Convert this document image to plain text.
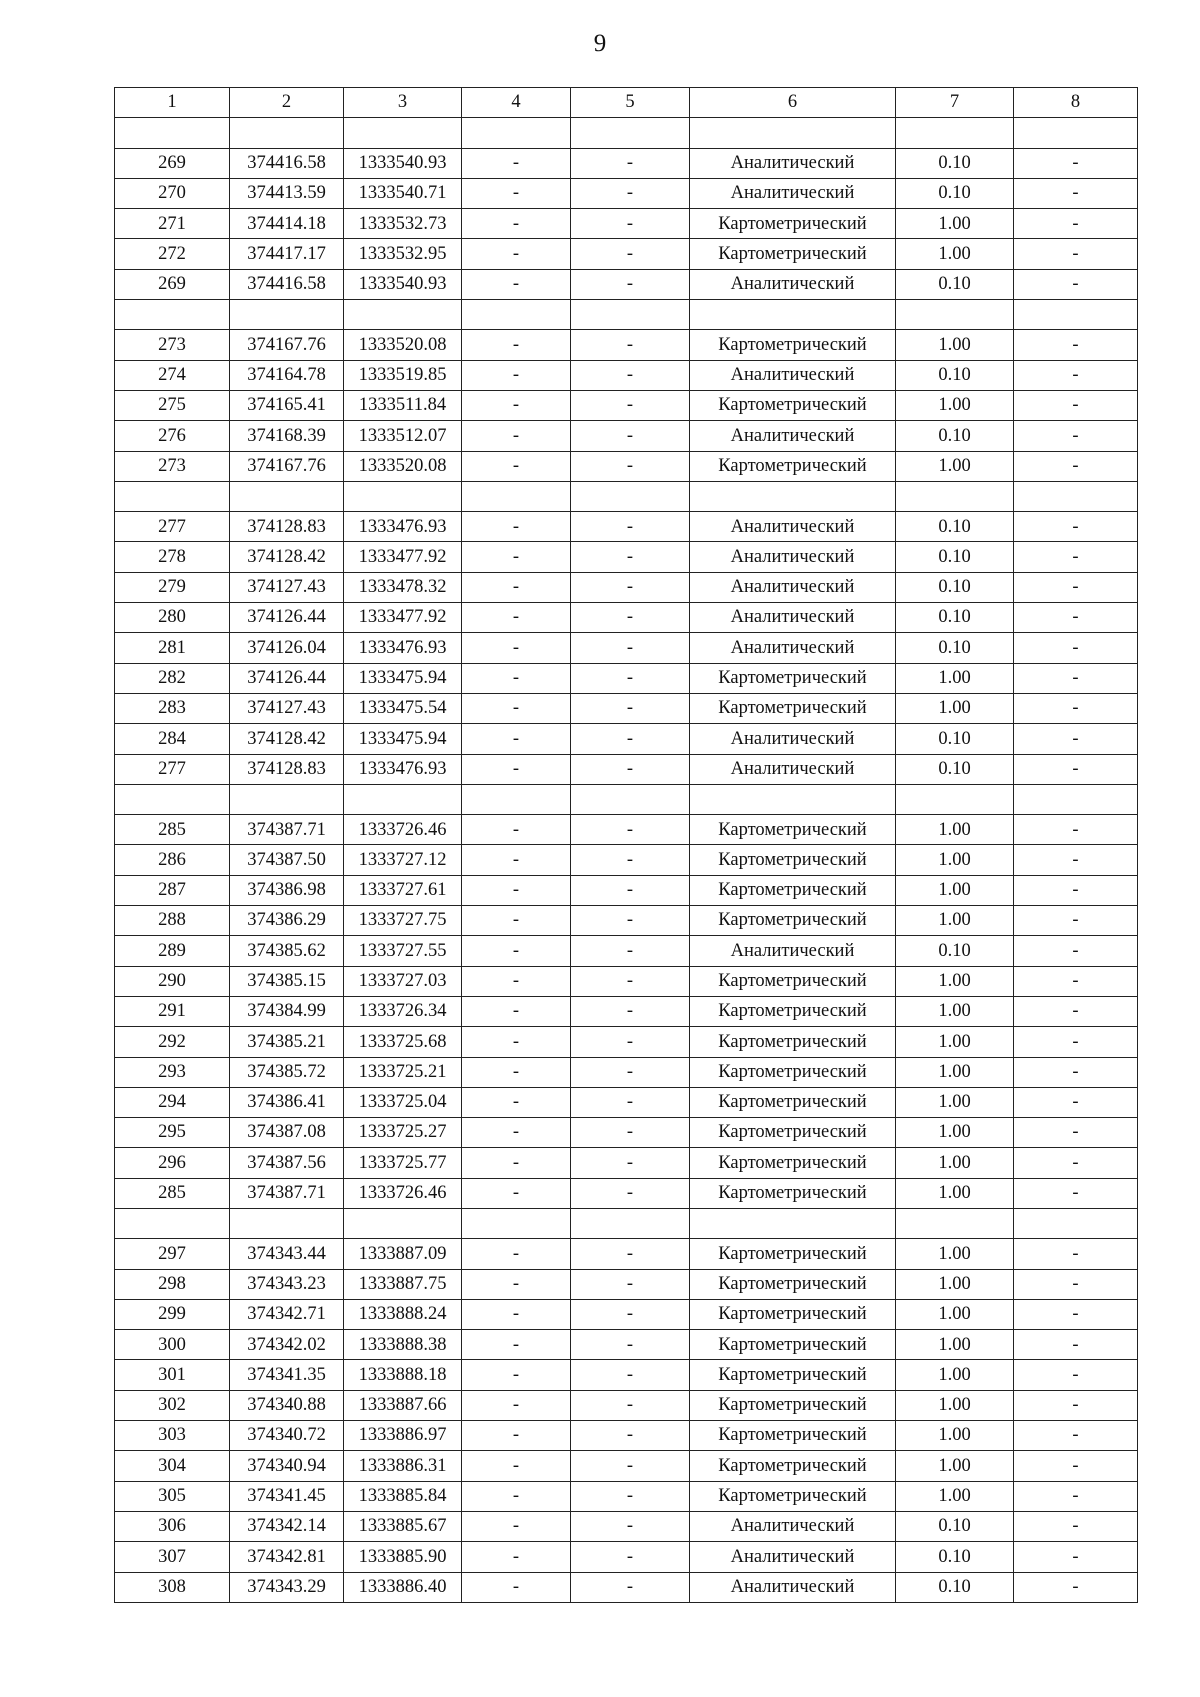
9
1	2	3	4	5	6	7	8

269	374416.58	1333540.93	-	-	Аналитический	0.10	-
270	374413.59	1333540.71	-	-	Аналитический	0.10	-
271	374414.18	1333532.73	-	-	Картометрический	1.00	-
272	374417.17	1333532.95	-	-	Картометрический	1.00	-
269	374416.58	1333540.93	-	-	Аналитический	0.10	-

273	374167.76	1333520.08	-	-	Картометрический	1.00	-
274	374164.78	1333519.85	-	-	Аналитический	0.10	-
275	374165.41	1333511.84	-	-	Картометрический	1.00	-
276	374168.39	1333512.07	-	-	Аналитический	0.10	-
273	374167.76	1333520.08	-	-	Картометрический	1.00	-

277	374128.83	1333476.93	-	-	Аналитический	0.10	-
278	374128.42	1333477.92	-	-	Аналитический	0.10	-
279	374127.43	1333478.32	-	-	Аналитический	0.10	-
280	374126.44	1333477.92	-	-	Аналитический	0.10	-
281	374126.04	1333476.93	-	-	Аналитический	0.10	-
282	374126.44	1333475.94	-	-	Картометрический	1.00	-
283	374127.43	1333475.54	-	-	Картометрический	1.00	-
284	374128.42	1333475.94	-	-	Аналитический	0.10	-
277	374128.83	1333476.93	-	-	Аналитический	0.10	-

285	374387.71	1333726.46	-	-	Картометрический	1.00	-
286	374387.50	1333727.12	-	-	Картометрический	1.00	-
287	374386.98	1333727.61	-	-	Картометрический	1.00	-
288	374386.29	1333727.75	-	-	Картометрический	1.00	-
289	374385.62	1333727.55	-	-	Аналитический	0.10	-
290	374385.15	1333727.03	-	-	Картометрический	1.00	-
291	374384.99	1333726.34	-	-	Картометрический	1.00	-
292	374385.21	1333725.68	-	-	Картометрический	1.00	-
293	374385.72	1333725.21	-	-	Картометрический	1.00	-
294	374386.41	1333725.04	-	-	Картометрический	1.00	-
295	374387.08	1333725.27	-	-	Картометрический	1.00	-
296	374387.56	1333725.77	-	-	Картометрический	1.00	-
285	374387.71	1333726.46	-	-	Картометрический	1.00	-

297	374343.44	1333887.09	-	-	Картометрический	1.00	-
298	374343.23	1333887.75	-	-	Картометрический	1.00	-
299	374342.71	1333888.24	-	-	Картометрический	1.00	-
300	374342.02	1333888.38	-	-	Картометрический	1.00	-
301	374341.35	1333888.18	-	-	Картометрический	1.00	-
302	374340.88	1333887.66	-	-	Картометрический	1.00	-
303	374340.72	1333886.97	-	-	Картометрический	1.00	-
304	374340.94	1333886.31	-	-	Картометрический	1.00	-
305	374341.45	1333885.84	-	-	Картометрический	1.00	-
306	374342.14	1333885.67	-	-	Аналитический	0.10	-
307	374342.81	1333885.90	-	-	Аналитический	0.10	-
308	374343.29	1333886.40	-	-	Аналитический	0.10	-
